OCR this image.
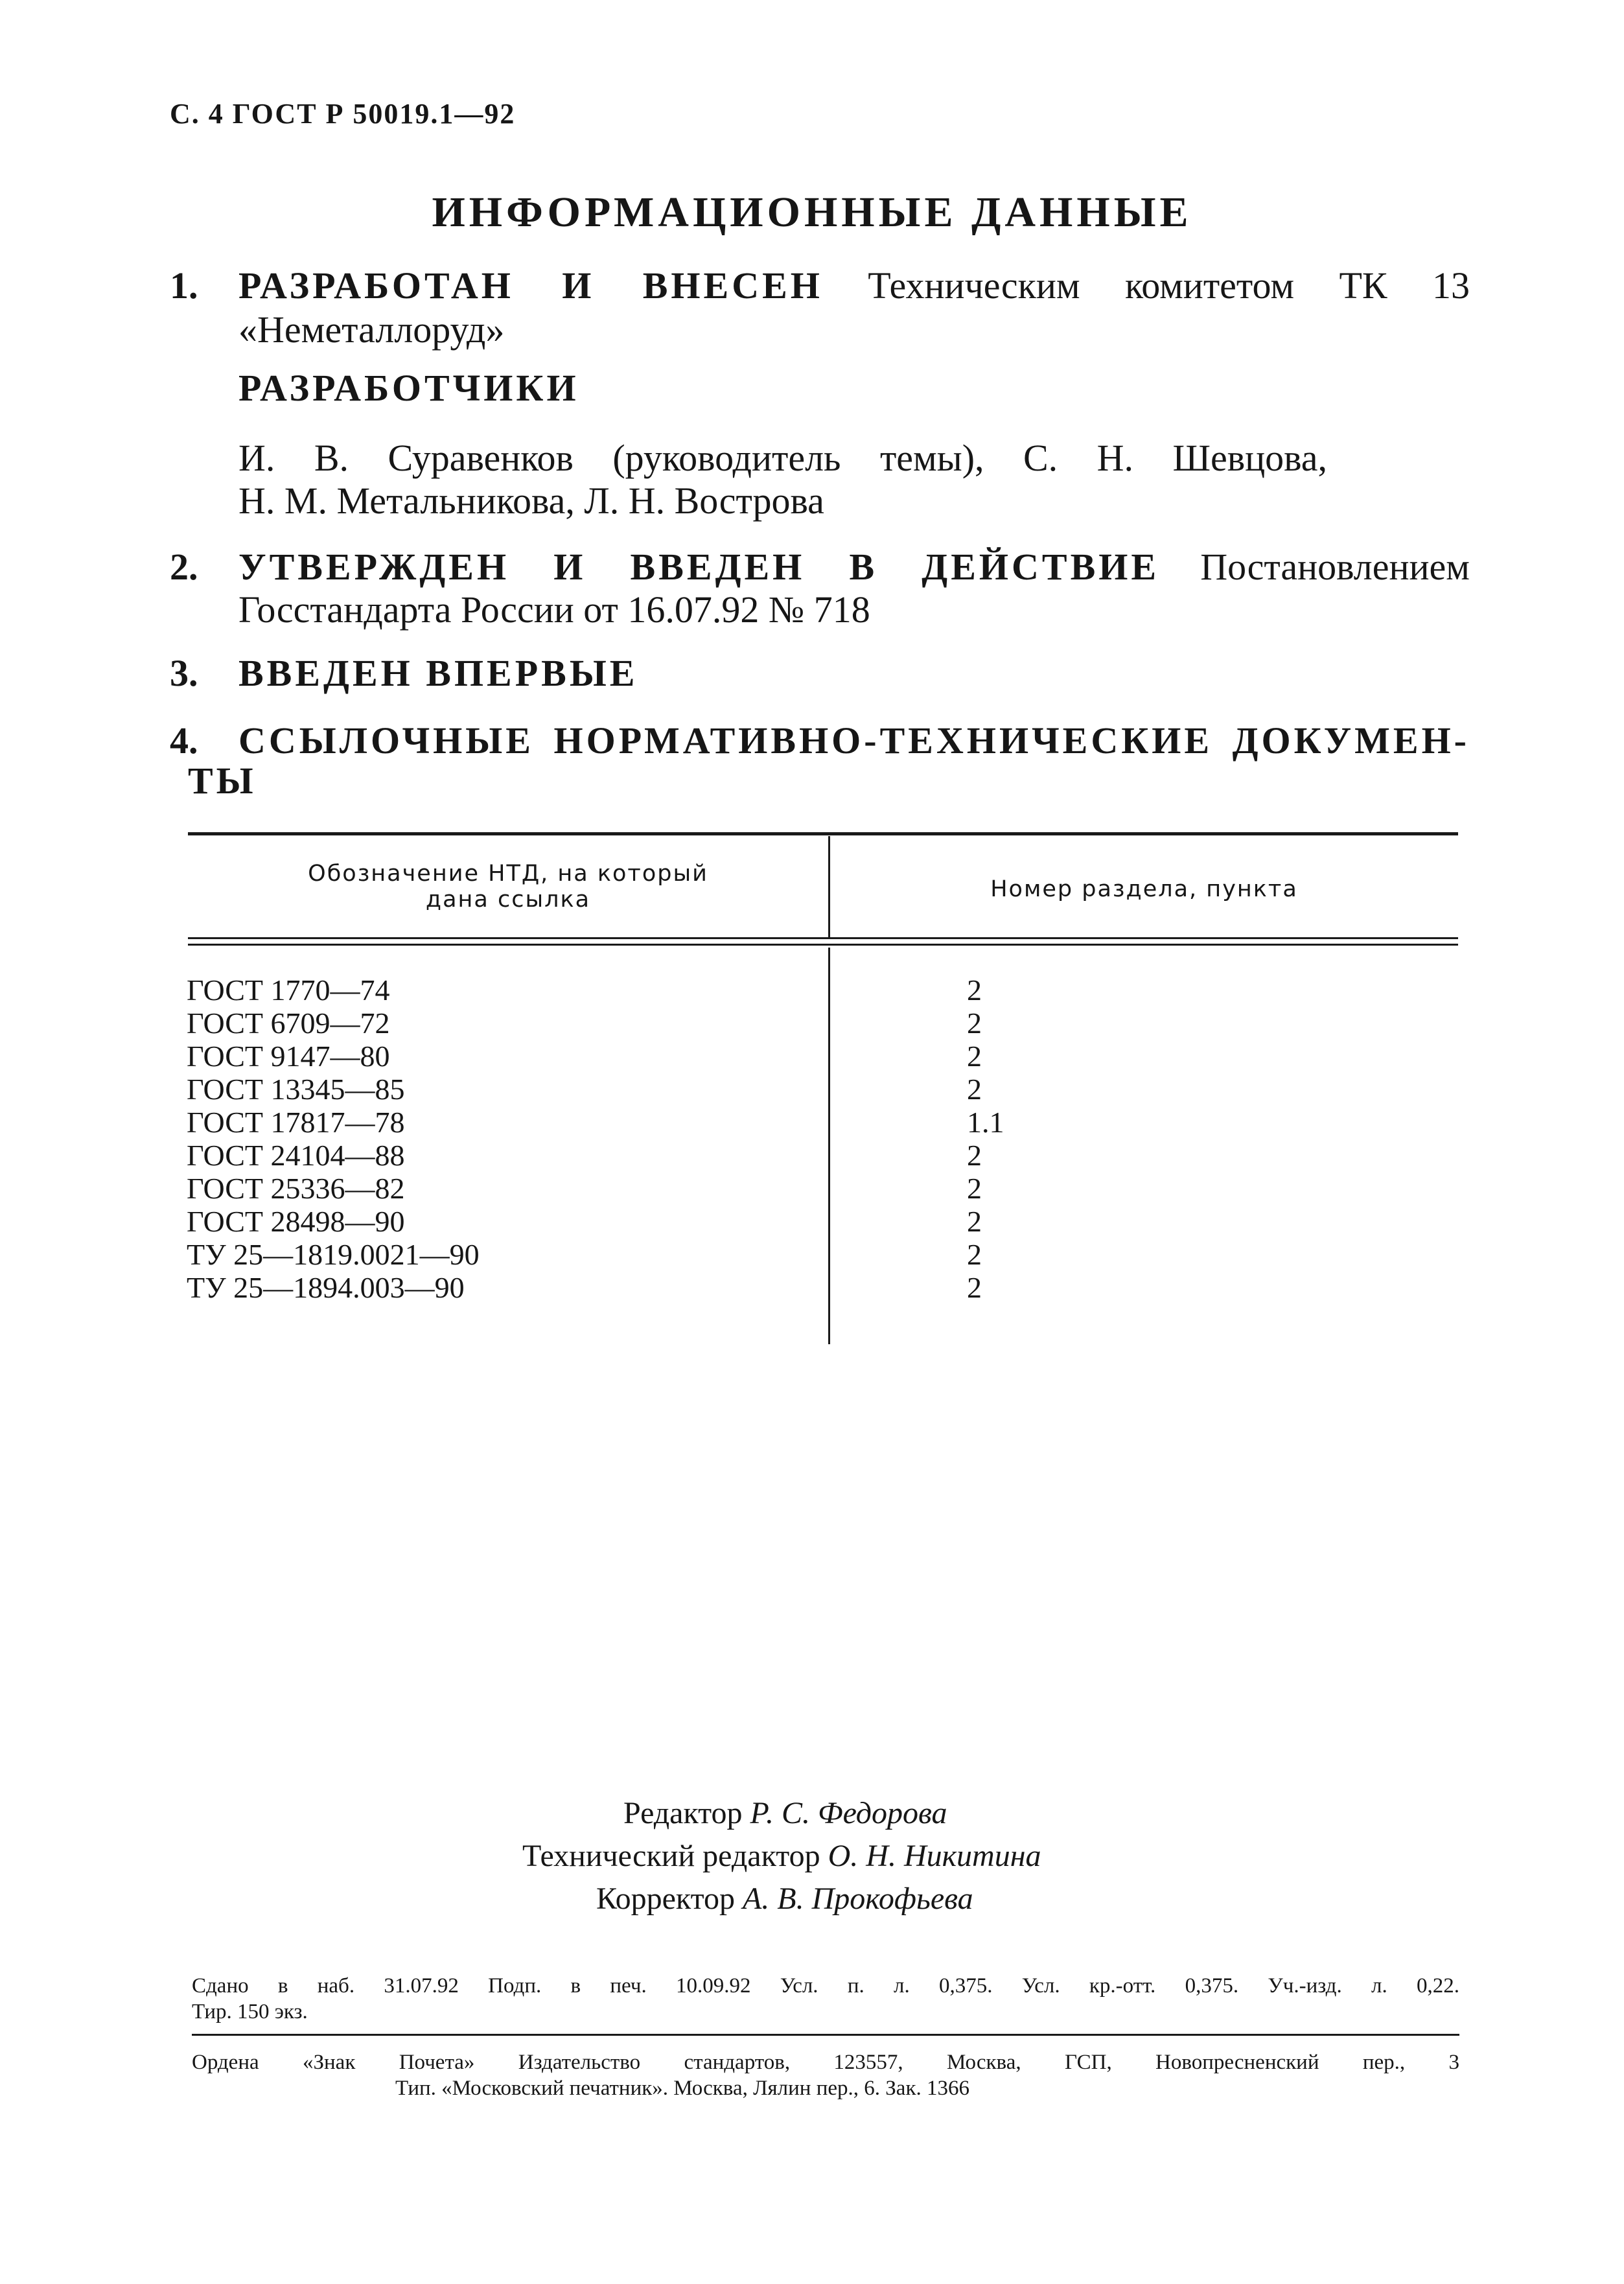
С. 4 ГОСТ Р 50019.1—92
ИНФОРМАЦИОННЫЕ ДАННЫЕ
1. РАЗРАБОТАН И ВНЕСЕН Техническим комитетом ТК 13
«Неметаллоруд»
РАЗРАБОТЧИКИ
И. В. Суравенков (руководитель темы), С. Н. Шевцова,
Н. М. Метальникова, Л. Н. Вострова
2. УТВЕРЖДЕН И ВВЕДЕН В ДЕЙСТВИЕ Постановлением
Госстандарта России от 16.07.92 № 718
3. ВВЕДЕН ВПЕРВЫЕ
4. ССЫЛОЧНЫЕ НОРМАТИВНО-ТЕХНИЧЕСКИЕ ДОКУМЕН-
ТЫ
Обозначение НТД, на который
дана ссылка	Номер раздела, пункта
ГОСТ 1770—74	2
ГОСТ 6709—72	2
ГОСТ 9147—80	2
ГОСТ 13345—85	2
ГОСТ 17817—78	1.1
ГОСТ 24104—88	2
ГОСТ 25336—82	2
ГОСТ 28498—90	2
ТУ 25—1819.0021—90	2
ТУ 25—1894.003—90	2
Редактор Р. С. Федорова
Технический редактор О. Н. Никитина
Корректор А. В. Прокофьева
Сдано в наб. 31.07.92 Подп. в печ. 10.09.92 Усл. п. л. 0,375. Усл. кр.-отт. 0,375. Уч.-изд. л. 0,22.
Тир. 150 экз.
Ордена «Знак Почета» Издательство стандартов, 123557, Москва, ГСП, Новопресненский пер., 3
Тип. «Московский печатник». Москва, Лялин пер., 6. Зак. 1366
